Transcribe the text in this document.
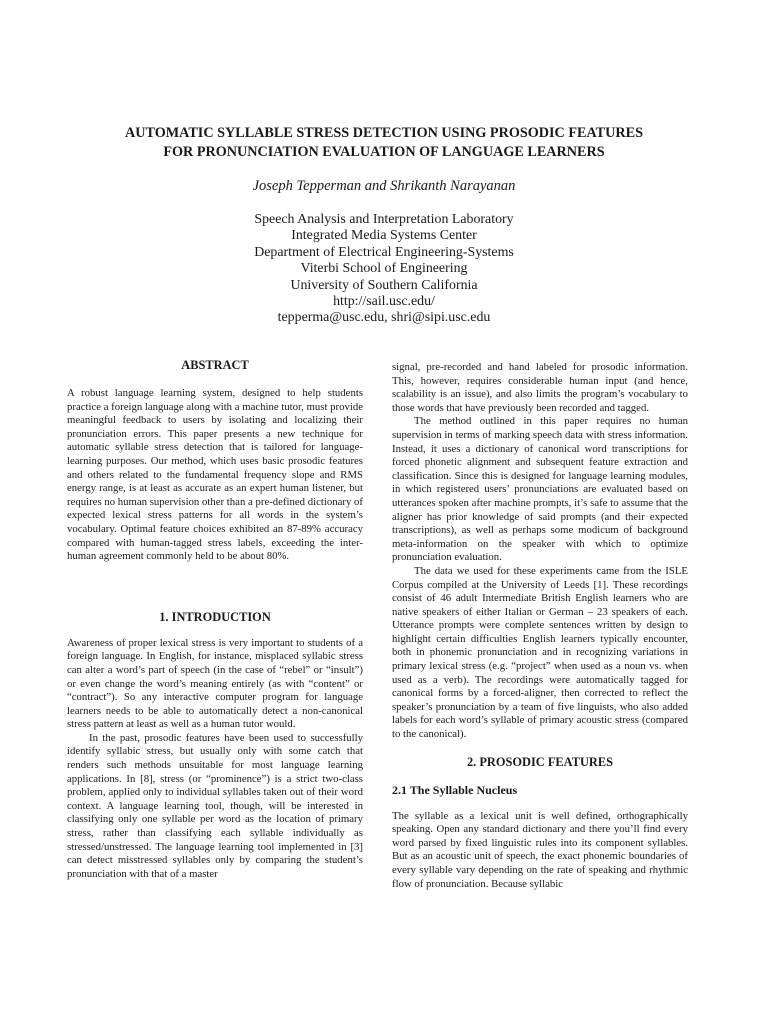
AUTOMATIC SYLLABLE STRESS DETECTION USING PROSODIC FEATURES
FOR PRONUNCIATION EVALUATION OF LANGUAGE LEARNERS
Joseph Tepperman and Shrikanth Narayanan
Speech Analysis and Interpretation Laboratory
Integrated Media Systems Center
Department of Electrical Engineering-Systems
Viterbi School of Engineering
University of Southern California
http://sail.usc.edu/
tepperma@usc.edu, shri@sipi.usc.edu

ABSTRACT

A robust language learning system, designed to help students practice a foreign language along with a machine tutor, must provide meaningful feedback to users by isolating and localizing their pronunciation errors. This paper presents a new technique for automatic syllable stress detection that is tailored for language-learning purposes. Our method, which uses basic prosodic features and others related to the fundamental frequency slope and RMS energy range, is at least as accurate as an expert human listener, but requires no human supervision other than a pre-defined dictionary of expected lexical stress patterns for all words in the system’s vocabulary. Optimal feature choices exhibited an 87-89% accuracy compared with human-tagged stress labels, exceeding the inter-human agreement commonly held to be about 80%.

1. INTRODUCTION

Awareness of proper lexical stress is very important to students of a foreign language. In English, for instance, misplaced syllabic stress can alter a word’s part of speech (in the case of “rebel” or “insult”) or even change the word’s meaning entirely (as with “content” or “contract”). So any interactive computer program for language learners needs to be able to automatically detect a non-canonical stress pattern at least as well as a human tutor would.

In the past, prosodic features have been used to successfully identify syllabic stress, but usually only with some catch that renders such methods unsuitable for most language learning applications. In [8], stress (or “prominence”) is a strict two-class problem, applied only to individual syllables taken out of their word context. A language learning tool, though, will be interested in classifying only one syllable per word as the location of primary stress, rather than classifying each syllable individually as stressed/unstressed. The language learning tool implemented in [3] can detect misstressed syllables only by comparing the student’s pronunciation with that of a master

signal, pre-recorded and hand labeled for prosodic information. This, however, requires considerable human input (and hence, scalability is an issue), and also limits the program’s vocabulary to those words that have previously been recorded and tagged.

The method outlined in this paper requires no human supervision in terms of marking speech data with stress information. Instead, it uses a dictionary of canonical word transcriptions for forced phonetic alignment and subsequent feature extraction and classification. Since this is designed for language learning modules, in which registered users’ pronunciations are evaluated based on utterances spoken after machine prompts, it’s safe to assume that the aligner has prior knowledge of said prompts (and their expected transcriptions), as well as perhaps some modicum of background meta-information on the speaker with which to optimize pronunciation evaluation.

The data we used for these experiments came from the ISLE Corpus compiled at the University of Leeds [1]. These recordings consist of 46 adult Intermediate British English learners who are native speakers of either Italian or German – 23 speakers of each. Utterance prompts were complete sentences written by design to highlight certain difficulties English learners typically encounter, both in phonemic pronunciation and in recognizing variations in primary lexical stress (e.g. “project” when used as a noun vs. when used as a verb). The recordings were automatically tagged for canonical forms by a forced-aligner, then corrected to reflect the speaker’s pronunciation by a team of five linguists, who also added labels for each word’s syllable of primary acoustic stress (compared to the canonical).

2. PROSODIC FEATURES

2.1 The Syllable Nucleus

The syllable as a lexical unit is well defined, orthographically speaking. Open any standard dictionary and there you’ll find every word parsed by fixed linguistic rules into its component syllables. But as an acoustic unit of speech, the exact phonemic boundaries of every syllable vary depending on the rate of speaking and rhythmic flow of pronunciation. Because syllabic
